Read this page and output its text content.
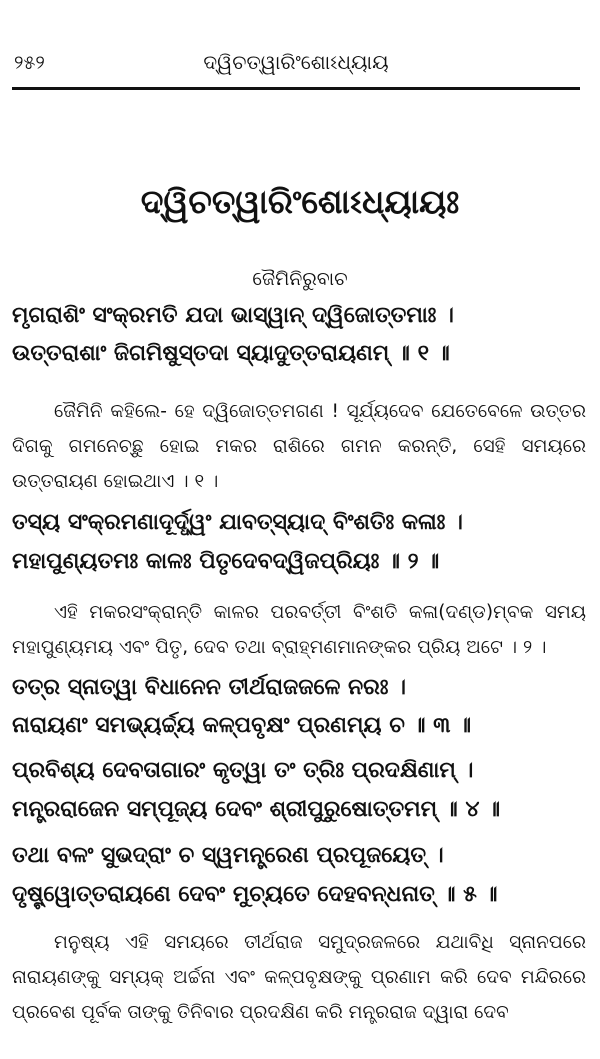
୨୫୨	ଦ୍ୱିଚତ୍ୱାରିଂଶୋଽଧ୍ୟାୟ
ଦ୍ୱିଚତ୍ୱାରିଂଶୋଽଧ୍ୟାୟଃ
ଜୈମିନିରୁବାଚ
ମୃଗରାଶିଂ ସଂକ୍ରମତି ଯଦା ଭାସ୍ୱାନ୍ ଦ୍ୱିଜୋତ୍ତମାଃ ।
ଉତ୍ତରାଶାଂ ଜିଗମିଷୁସ୍ତଦା ସ୍ୟାଦୁତ୍ତରାୟଣମ୍ ॥ ୧ ॥

ଜୈମିନି କହିଲେ- ହେ ଦ୍ୱିଜୋତ୍ତମଗଣ ! ସୂର୍ଯ୍ୟଦେବ ଯେତେବେଳେ ଉତ୍ତର ଦିଗକୁ ଗମନେଚ୍ଛୁ ହୋଇ ମକର ରାଶିରେ ଗମନ କରନ୍ତି, ସେହି ସମୟରେ ଉତ୍ତରାୟଣ ହୋଇଥାଏ । ୧ ।

ତସ୍ୟ ସଂକ୍ରମଣାଦୂର୍ଦ୍ଧ୍ୱଂ ଯାବତ୍ସ୍ୟାଦ୍ ବିଂଶତିଃ କଳାଃ ।
ମହାପୁଣ୍ୟତମଃ କାଳଃ ପିତୃଦେବଦ୍ୱିଜପ୍ରିୟଃ ॥ ୨ ॥

ଏହି ମକରସଂକ୍ରାନ୍ତି କାଳର ପରବର୍ତ୍ତୀ ବିଂଶତି କଳା(ଦଣ୍ଡ)ମ୍ବକ ସମୟ ମହାପୁଣ୍ୟମୟ ଏବଂ ପିତୃ, ଦେବ ତଥା ବ୍ରାହ୍ମଣମାନଙ୍କର ପ୍ରିୟ ଅଟେ । ୨ ।

ତତ୍ର ସ୍ନାତ୍ୱା ବିଧାନେନ ତୀର୍ଥରାଜଜଳେ ନରଃ ।
ନାରାୟଣଂ ସମଭ୍ୟର୍ଚ୍ଚ୍ୟ କଳ୍ପବୃକ୍ଷଂ ପ୍ରଣମ୍ୟ ଚ ॥ ୩ ॥
ପ୍ରବିଶ୍ୟ ଦେବତାଗାରଂ କୃତ୍ୱା ତଂ ତ୍ରିଃ ପ୍ରଦକ୍ଷିଣାମ୍ ।
ମନ୍ତ୍ରରାଜେନ ସମ୍ପୂଜ୍ୟ ଦେବଂ ଶ୍ରୀପୁରୁଷୋତ୍ତମମ୍ ॥ ୪ ॥
ତଥା ବଳଂ ସୁଭଦ୍ରାଂ ଚ ସ୍ୱମନ୍ତ୍ରେଣ ପ୍ରପୂଜୟେତ୍ ।
ଦୃଷ୍ଟ୍ୱୋତ୍ତରାୟଣେ ଦେବଂ ମୁଚ୍ୟତେ ଦେହବନ୍ଧନାତ୍ ॥ ୫ ॥

ମନୁଷ୍ୟ ଏହି ସମୟରେ ତୀର୍ଥରାଜ ସମୁଦ୍ରଜଳରେ ଯଥାବିଧି ସ୍ନାନପରେ ନାରାୟଣଙ୍କୁ ସମ୍ୟକ୍ ଅର୍ଚ୍ଚନା ଏବଂ କଳ୍ପବୃକ୍ଷଙ୍କୁ ପ୍ରଣାମ କରି ଦେବ ମନ୍ଦିରରେ ପ୍ରବେଶ ପୂର୍ବକ ତାଙ୍କୁ ତିନିବାର ପ୍ରଦକ୍ଷିଣ କରି ମନ୍ତ୍ରରାଜ ଦ୍ୱାରା ଦେବ
